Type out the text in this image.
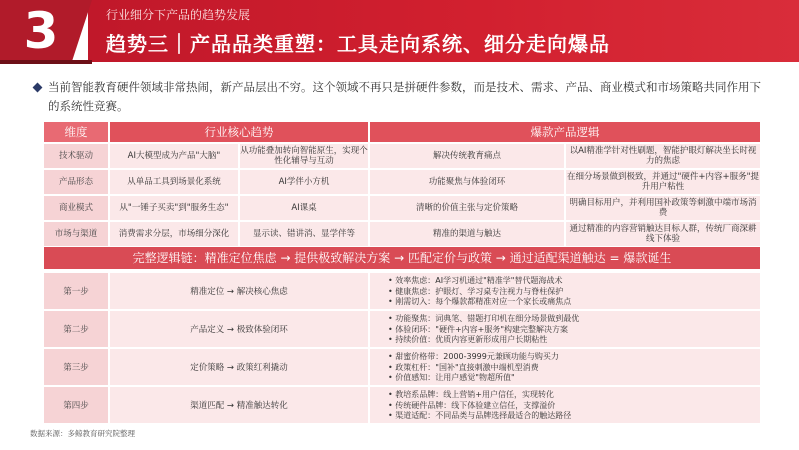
3	行业细分下产品的趋势发展
趋势三｜产品品类重塑：工具走向系统、细分走向爆品
当前智能教育硬件领域非常热闹，新产品层出不穷。这个领域不再只是拼硬件参数，而是技术、需求、产品、商业模式和市场策略共同作用下的系统性竞赛。
维度	行业核心趋势	爆款产品逻辑
技术驱动	AI大模型成为产品"大脑"	从功能叠加转向智能原生，实现个性化辅导与互动	解决传统教育痛点	以AI精准学针对性刷题，智能护眼灯解决坐长时视力的焦虑
产品形态	从单品工具到场景化系统	AI学伴小方机	功能聚焦与体验闭环	在细分场景做到极致，并通过"硬件+内容+服务"提升用户粘性
商业模式	从"一锤子买卖"到"服务生态"	AI课桌	清晰的价值主张与定价策略	明确目标用户，并利用国补政策等刺激中端市场消费
市场与渠道	消费需求分层，市场细分深化	显示读、错讲消、显学伴等	精准的渠道与触达	通过精准的内容营销触达目标人群，传统厂商深耕线下体验
完整逻辑链：精准定位焦虑 → 提供极致解决方案 → 匹配定价与政策 → 通过适配渠道触达 = 爆款诞生
第一步	精准定位 → 解决核心焦虑

• 效率焦虑：AI学习机通过"精准学"替代题海战术

• 健康焦虑：护眼灯、学习桌专注视力与脊柱保护

• 刚需切入：每个爆款都精准对应一个家长或痛焦点

第二步	产品定义 → 极致体验闭环

• 功能聚焦：词典笔、错题打印机在细分场景做到最优

• 体验闭环："硬件+内容+服务"构建完整解决方案

• 持续价值：优质内容更新形成用户长期粘性

第三步	定价策略 → 政策红利撬动

• 甜蜜价格带：2000-3999元兼顾功能与购买力

• 政策杠杆："国补"直接刺激中端机型消费

• 价值感知：让用户感觉"物超所值"

第四步	渠道匹配 → 精准触达转化

• 教培系品牌：线上营销+用户信任，实现转化

• 传统硬件品牌：线下体验建立信任，支撑溢价

• 渠道适配：不同品类与品牌选择最适合的触达路径

数据来源：多鲸教育研究院整理
